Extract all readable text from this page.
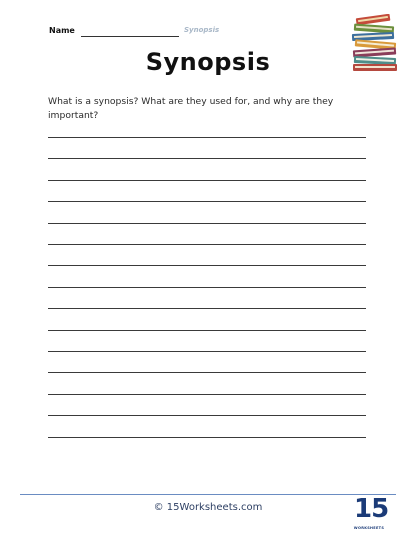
Name	Synopsis
Synopsis
What is a synopsis? What are they used for, and why are they important?
© 15Worksheets.com	15
WORKSHEETS
